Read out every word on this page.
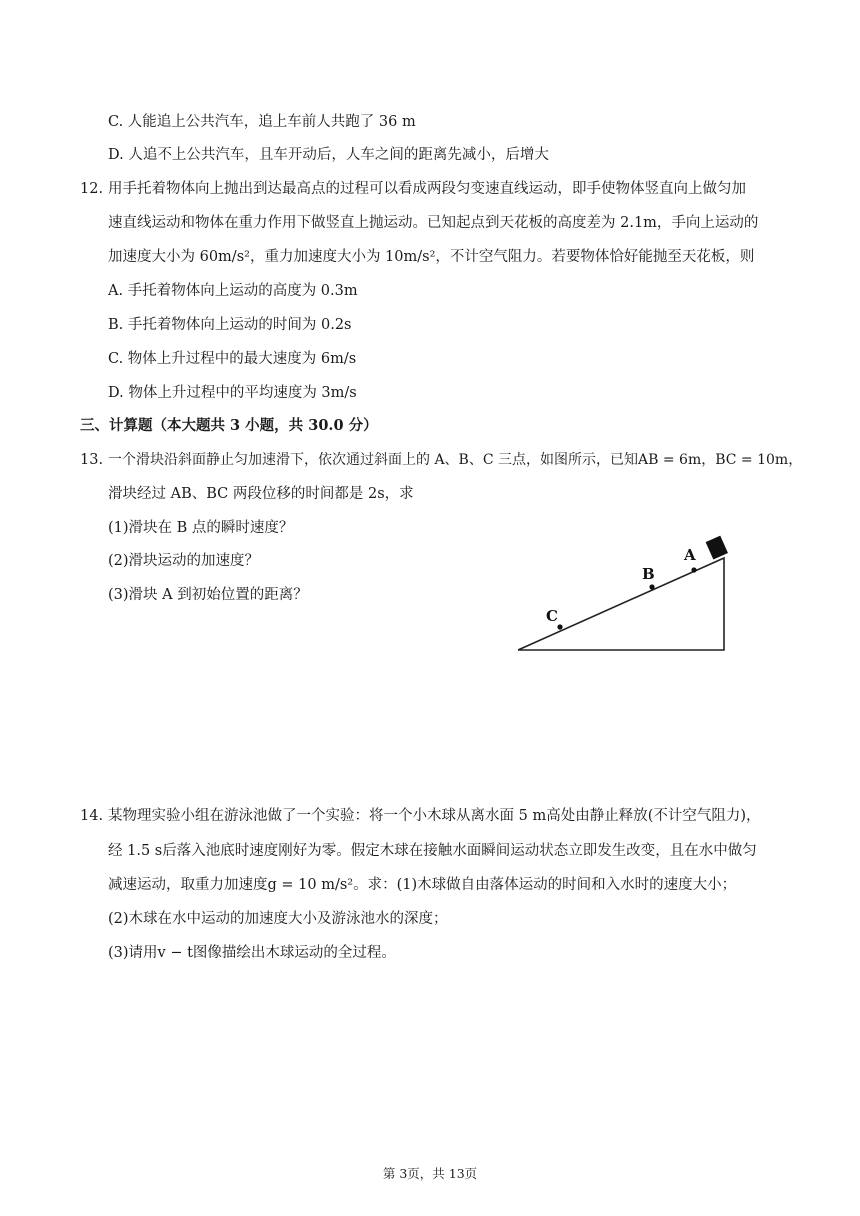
C. 人能追上公共汽车，追上车前人共跑了 36 m
D. 人追不上公共汽车，且车开动后，人车之间的距离先减小，后增大
12. 用手托着物体向上抛出到达最高点的过程可以看成两段匀变速直线运动，即手使物体竖直向上做匀加
速直线运动和物体在重力作用下做竖直上抛运动。已知起点到天花板的高度差为 2.1m，手向上运动的
加速度大小为 60m/s²，重力加速度大小为 10m/s²，不计空气阻力。若要物体恰好能抛至天花板，则
A. 手托着物体向上运动的高度为 0.3m
B. 手托着物体向上运动的时间为 0.2s
C. 物体上升过程中的最大速度为 6m/s
D. 物体上升过程中的平均速度为 3m/s
三、计算题（本大题共 3 小题，共 30.0 分）
13. 一个滑块沿斜面静止匀加速滑下，依次通过斜面上的 A、B、C 三点，如图所示，已知AB = 6m，BC = 10m，
滑块经过 AB、BC 两段位移的时间都是 2s，求
(1)滑块在 B 点的瞬时速度？
(2)滑块运动的加速度？
(3)滑块 A 到初始位置的距离？
A
B
C
14. 某物理实验小组在游泳池做了一个实验：将一个小木球从离水面 5 m高处由静止释放(不计空气阻力)，
经 1.5 s后落入池底时速度刚好为零。假定木球在接触水面瞬间运动状态立即发生改变，且在水中做匀
减速运动，取重力加速度g = 10 m/s²。求：(1)木球做自由落体运动的时间和入水时的速度大小；
(2)木球在水中运动的加速度大小及游泳池水的深度；
(3)请用v − t图像描绘出木球运动的全过程。
第 3页，共 13页
